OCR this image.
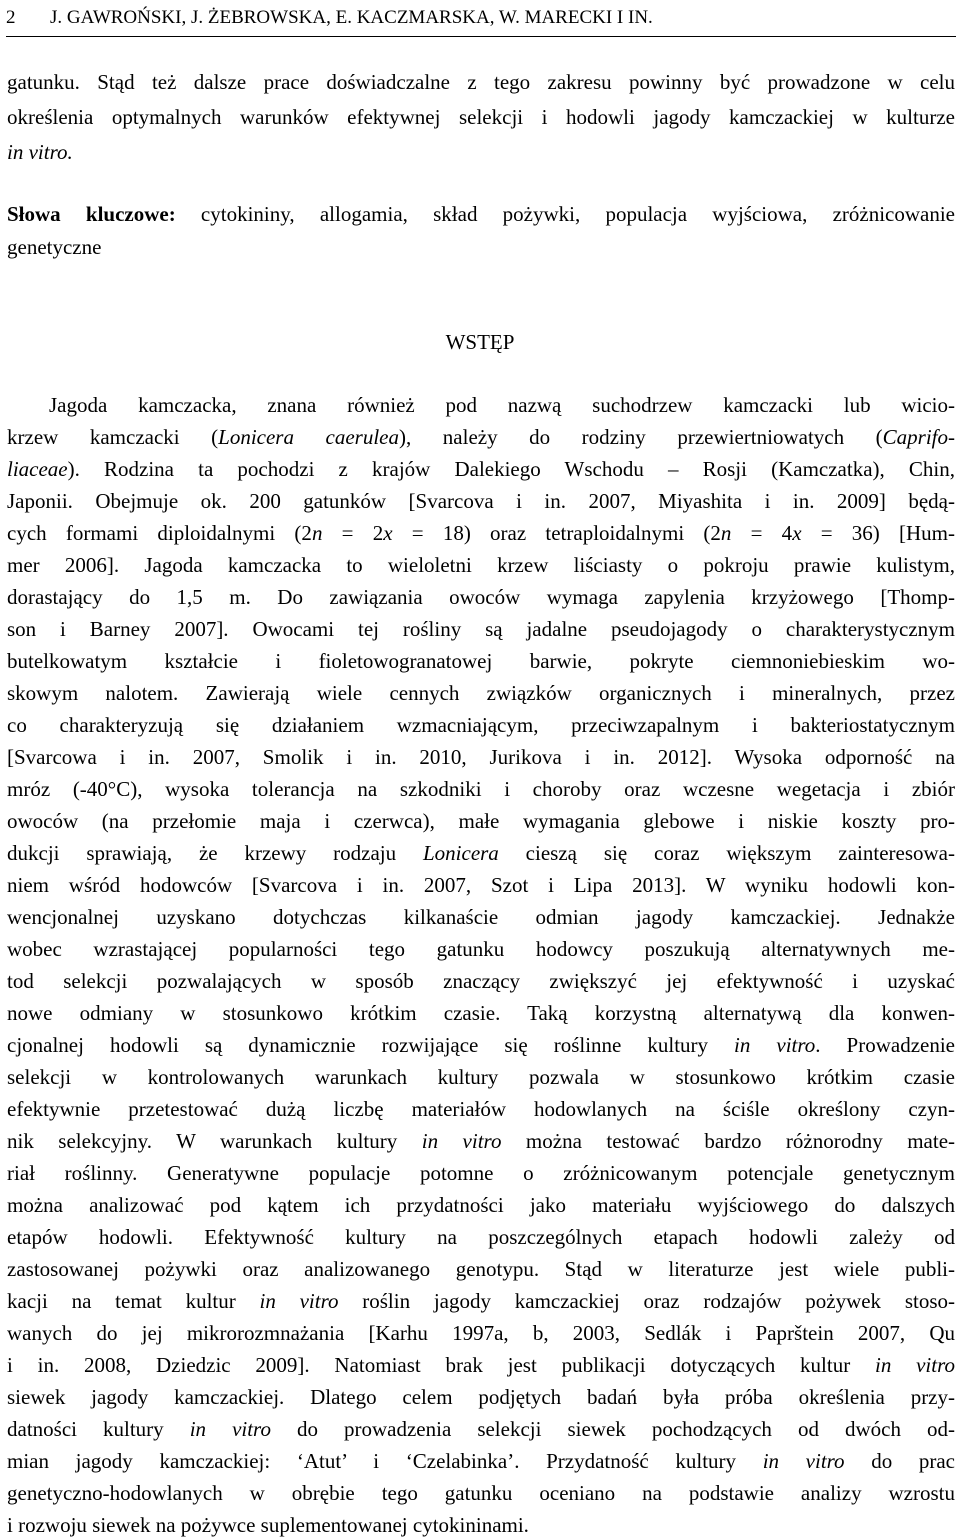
2 J. GAWROŃSKI, J. ŻEBROWSKA, E. KACZMARSKA, W. MARECKI I IN.
gatunku. Stąd też dalsze prace doświadczalne z tego zakresu powinny być prowadzone w celu
określenia optymalnych warunków efektywnej selekcji i hodowli jagody kamczackiej w kulturze
in vitro.
Słowa kluczowe: cytokininy, allogamia, skład pożywki, populacja wyjściowa, zróżnicowanie
genetyczne
WSTĘP
Jagoda kamczacka, znana również pod nazwą suchodrzew kamczacki lub wicio-
krzew kamczacki (Lonicera caerulea), należy do rodziny przewiertniowatych (Caprifo-
liaceae). Rodzina ta pochodzi z krajów Dalekiego Wschodu – Rosji (Kamczatka), Chin,
Japonii. Obejmuje ok. 200 gatunków [Svarcova i in. 2007, Miyashita i in. 2009] będą-
cych formami diploidalnymi (2n = 2x = 18) oraz tetraploidalnymi (2n = 4x = 36) [Hum-
mer 2006]. Jagoda kamczacka to wieloletni krzew liściasty o pokroju prawie kulistym,
dorastający do 1,5 m. Do zawiązania owoców wymaga zapylenia krzyżowego [Thomp-
son i Barney 2007]. Owocami tej rośliny są jadalne pseudojagody o charakterystycznym
butelkowatym kształcie i fioletowogranatowej barwie, pokryte ciemnoniebieskim wo-
skowym nalotem. Zawierają wiele cennych związków organicznych i mineralnych, przez
co charakteryzują się działaniem wzmacniającym, przeciwzapalnym i bakteriostatycznym
[Svarcowa i in. 2007, Smolik i in. 2010, Jurikova i in. 2012]. Wysoka odporność na
mróz (-40°C), wysoka tolerancja na szkodniki i choroby oraz wczesne wegetacja i zbiór
owoców (na przełomie maja i czerwca), małe wymagania glebowe i niskie koszty pro-
dukcji sprawiają, że krzewy rodzaju Lonicera cieszą się coraz większym zainteresowa-
niem wśród hodowców [Svarcova i in. 2007, Szot i Lipa 2013]. W wyniku hodowli kon-
wencjonalnej uzyskano dotychczas kilkanaście odmian jagody kamczackiej. Jednakże
wobec wzrastającej popularności tego gatunku hodowcy poszukują alternatywnych me-
tod selekcji pozwalających w sposób znaczący zwiększyć jej efektywność i uzyskać
nowe odmiany w stosunkowo krótkim czasie. Taką korzystną alternatywą dla konwen-
cjonalnej hodowli są dynamicznie rozwijające się roślinne kultury in vitro. Prowadzenie
selekcji w kontrolowanych warunkach kultury pozwala w stosunkowo krótkim czasie
efektywnie przetestować dużą liczbę materiałów hodowlanych na ściśle określony czyn-
nik selekcyjny. W warunkach kultury in vitro można testować bardzo różnorodny mate-
riał roślinny. Generatywne populacje potomne o zróżnicowanym potencjale genetycznym
można analizować pod kątem ich przydatności jako materiału wyjściowego do dalszych
etapów hodowli. Efektywność kultury na poszczególnych etapach hodowli zależy od
zastosowanej pożywki oraz analizowanego genotypu. Stąd w literaturze jest wiele publi-
kacji na temat kultur in vitro roślin jagody kamczackiej oraz rodzajów pożywek stoso-
wanych do jej mikrorozmnażania [Karhu 1997a, b, 2003, Sedlák i Paprštein 2007, Qu
i in. 2008, Dziedzic 2009]. Natomiast brak jest publikacji dotyczących kultur in vitro
siewek jagody kamczackiej. Dlatego celem podjętych badań była próba określenia przy-
datności kultury in vitro do prowadzenia selekcji siewek pochodzących od dwóch od-
mian jagody kamczackiej: ‘Atut’ i ‘Czelabinka’. Przydatność kultury in vitro do prac
genetyczno-hodowlanych w obrębie tego gatunku oceniano na podstawie analizy wzrostu
i rozwoju siewek na pożywce suplementowanej cytokininami.
